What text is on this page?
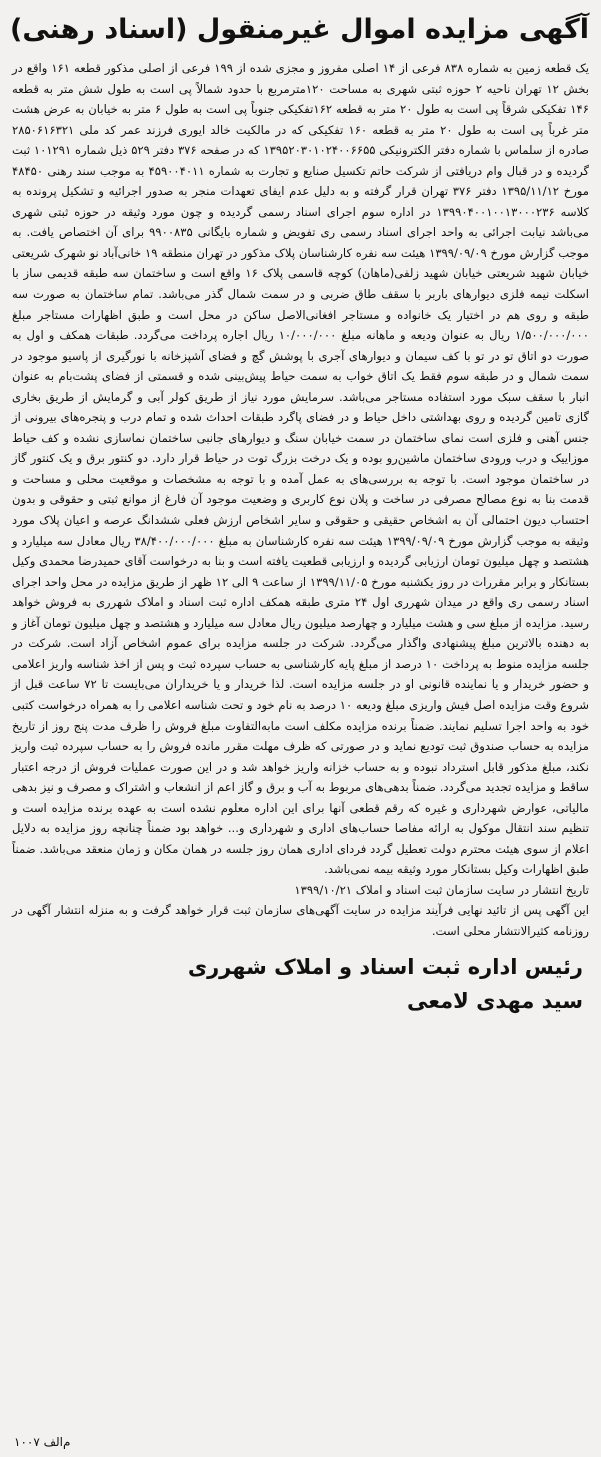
آگهی مزایده اموال غیرمنقول (اسناد رهنی)

یک قطعه زمین به شماره ۸۳۸ فرعی از ۱۴ اصلی مفروز و مجزی شده از ۱۹۹ فرعی از اصلی مذکور قطعه ۱۶۱ واقع در بخش ۱۲ تهران ناحیه ۲ حوزه ثبتی شهری به مساحت ۱۲۰مترمربع با حدود شمالاً پی است به طول شش متر به قطعه ۱۴۶ تفکیکی شرقاً پی است به طول ۲۰ متر به قطعه ۱۶۲تفکیکی جنوباً پی است به طول ۶ متر به خیابان به عرض هشت متر غرباً پی است به طول ۲۰ متر به قطعه ۱۶۰ تفکیکی که در مالکیت خالد ایوری فرزند عمر کد ملی ۲۸۵۰۶۱۶۳۲۱ صادره از سلماس با شماره دفتر الکترونیکی ۱۳۹۵۲۰۳۰۱۰۲۴۰۰۶۶۵۵ که در صفحه ۳۷۶ دفتر ۵۲۹ ذیل شماره ۱۰۱۲۹۱ ثبت گردیده و در قبال وام دریافتی از شرکت حاتم تکسیل صنایع و تجارت به شماره ۴۵۹۰۰۴۰۱۱ به موجب سند رهنی ۴۸۴۵۰ مورخ ۱۳۹۵/۱۱/۱۲ دفتر ۳۷۶ تهران قرار گرفته و به دلیل عدم ایفای تعهدات منجر به صدور اجرائیه و تشکیل پرونده به کلاسه ۱۳۹۹۰۴۰۰۱۰۰۱۳۰۰۰۲۳۶ در اداره سوم اجرای اسناد رسمی گردیده و چون مورد وثیقه در حوزه ثبتی شهری می‌باشد نیابت اجرائی به واحد اجرای اسناد رسمی ری تفویض و شماره بایگانی ۹۹۰۰۸۳۵ برای آن اختصاص یافت. به موجب گزارش مورخ ۱۳۹۹/۰۹/۰۹ هیئت سه نفره کارشناسان پلاک مذکور در تهران منطقه ۱۹ خانی‌آباد نو شهرک شریعتی خیابان شهید شریعتی خیابان شهید زلفی(ماهان) کوچه قاسمی پلاک ۱۶ واقع است و ساختمان سه طبقه قدیمی ساز با اسکلت نیمه فلزی دیوارهای باربر با سقف طاق ضربی و در سمت شمال گذر می‌باشد. تمام ساختمان به صورت سه طبقه و روی هم در اختیار یک خانواده و مستاجر افغانی‌الاصل ساکن در محل است و طبق اظهارات مستاجر مبلغ ۱/۵۰۰/۰۰۰/۰۰۰ ریال به عنوان ودیعه و ماهانه مبلغ ۱۰/۰۰۰/۰۰۰ ریال اجاره پرداخت می‌گردد. طبقات همکف و اول به صورت دو اتاق تو در تو با کف سیمان و دیوارهای آجری با پوشش گچ و فضای آشپزخانه با نورگیری از پاسیو موجود در سمت شمال و در طبقه سوم فقط یک اتاق خواب به سمت حیاط پیش‌بینی شده و قسمتی از فضای پشت‌بام به عنوان انبار با سقف سبک مورد استفاده مستاجر می‌باشد. سرمایش مورد نیاز از طریق کولر آبی و گرمایش از طریق بخاری گازی تامین گردیده و روی بهداشتی داخل حیاط و در فضای پاگرد طبقات احداث شده و تمام درب و پنجره‌های بیرونی از جنس آهنی و فلزی است نمای ساختمان در سمت خیابان سنگ و دیوارهای جانبی ساختمان نماسازی نشده و کف حیاط موزاییک و درب ورودی ساختمان ماشین‌رو بوده و یک درخت بزرگ توت در حیاط قرار دارد. دو کنتور برق و یک کنتور گاز در ساختمان موجود است. با توجه به بررسی‌های به عمل آمده و با توجه به مشخصات و موقعیت محلی و مساحت و قدمت بنا به نوع مصالح مصرفی در ساخت و پلان نوع کاربری و وضعیت موجود آن فارغ از موانع ثبتی و حقوقی و بدون احتساب دیون احتمالی آن به اشخاص حقیقی و حقوقی و سایر اشخاص ارزش فعلی ششدانگ عرصه و اعیان پلاک مورد وثیقه به موجب گزارش مورخ ۱۳۹۹/۰۹/۰۹ هیئت سه نفره کارشناسان به مبلغ ۳۸/۴۰۰/۰۰۰/۰۰۰ ریال معادل سه میلیارد و هشتصد و چهل میلیون تومان ارزیابی گردیده و ارزیابی قطعیت یافته است و بنا به درخواست آقای حمیدرضا محمدی وکیل بستانکار و برابر مقررات در روز یکشنبه مورخ ۱۳۹۹/۱۱/۰۵ از ساعت ۹ الی ۱۲ ظهر از طریق مزایده در محل واحد اجرای اسناد رسمی ری واقع در میدان شهرری اول ۲۴ متری طبقه همکف اداره ثبت اسناد و املاک شهرری به فروش خواهد رسید. مزایده از مبلغ سی و هشت میلیارد و چهارصد میلیون ریال معادل سه میلیارد و هشتصد و چهل میلیون تومان آغاز و به دهنده بالاترین مبلغ پیشنهادی واگذار می‌گردد. شرکت در جلسه مزایده برای عموم اشخاص آزاد است. شرکت در جلسه مزایده منوط به پرداخت ۱۰ درصد از مبلغ پایه کارشناسی به حساب سپرده ثبت و پس از اخذ شناسه واریز اعلامی و حضور خریدار و یا نماینده قانونی او در جلسه مزایده است. لذا خریدار و یا خریداران می‌بایست تا ۷۲ ساعت قبل از شروع وقت مزایده اصل فیش واریزی مبلغ ودیعه ۱۰ درصد به نام خود و تحت شناسه اعلامی را به همراه درخواست کتبی خود به واحد اجرا تسلیم نمایند. ضمناً برنده مزایده مکلف است مابه‌التفاوت مبلغ فروش را ظرف مدت پنج روز از تاریخ مزایده به حساب صندوق ثبت تودیع نماید و در صورتی که ظرف مهلت مقرر مانده فروش را به حساب سپرده ثبت واریز نکند، مبلغ مذکور قابل استرداد نبوده و به حساب خزانه واریز خواهد شد و در این صورت عملیات فروش از درجه اعتبار ساقط و مزایده تجدید می‌گردد. ضمناً بدهی‌های مربوط به آب و برق و گاز اعم از انشعاب و اشتراک و مصرف و نیز بدهی مالیاتی، عوارض شهرداری و غیره که رقم قطعی آنها برای این اداره معلوم نشده است به عهده برنده مزایده است و تنظیم سند انتقال موکول به ارائه مفاصا حساب‌های اداری و شهرداری و... خواهد بود ضمناً چنانچه روز مزایده به دلایل اعلام از سوی هیئت محترم دولت تعطیل گردد فردای اداری همان روز جلسه در همان مکان و زمان منعقد می‌باشد. ضمناً طبق اظهارات وکیل بستانکار مورد وثیقه بیمه نمی‌باشد.

تاریخ انتشار در سایت سازمان ثبت اسناد و املاک ۱۳۹۹/۱۰/۲۱

این آگهی پس از تائید نهایی فرآیند مزایده در سایت آگهی‌های سازمان ثبت قرار خواهد گرفت و به منزله انتشار آگهی در روزنامه کثیرالانتشار محلی است.

رئیس اداره ثبت اسناد و املاک شهرری
سید مهدی لامعی
م‌الف ۱۰۰۷
